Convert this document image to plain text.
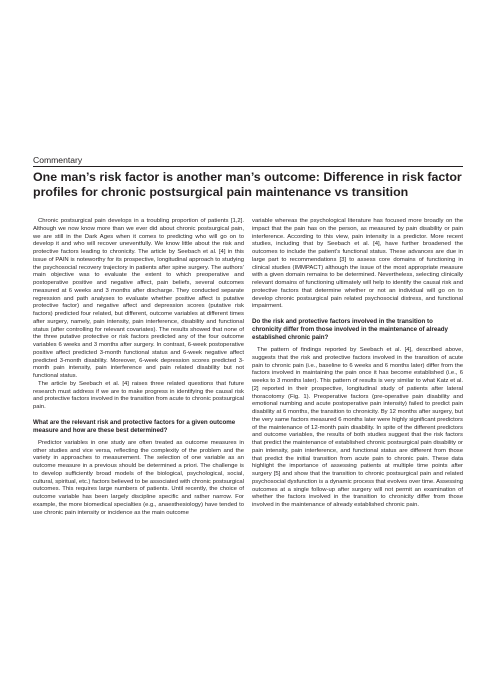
Commentary
One man’s risk factor is another man’s outcome: Difference in risk factor profiles for chronic postsurgical pain maintenance vs transition

Chronic postsurgical pain develops in a troubling proportion of patients [1,2]. Although we now know more than we ever did about chronic postsurgical pain, we are still in the Dark Ages when it comes to predicting who will go on to develop it and who will recover uneventfully. We know little about the risk and protective factors leading to chronicity. The article by Seebach et al. [4] in this issue of PAIN is noteworthy for its prospective, longitudinal approach to studying the psychosocial recovery trajectory in patients after spine surgery. The authors’ main objective was to evaluate the extent to which preoperative and postoperative positive and negative affect, pain beliefs, several outcomes measured at 6 weeks and 3 months after discharge. They conducted separate regression and path analyses to evaluate whether positive affect is putative protective factor) and negative affect and depression scores (putative risk factors) predicted four related, but different, outcome variables at different times after surgery, namely, pain intensity, pain interference, disability and functional status (after controlling for relevant covariates). The results showed that none of the three putative protective or risk factors predicted any of the four outcome variables 6 weeks and 3 months after surgery. In contrast, 6-week postoperative positive affect predicted 3-month functional status and 6-week negative affect predicted 3-month disability. Moreover, 6-week depression scores predicted 3-month pain intensity, pain interference and pain related disability but not functional status.

The article by Seebach et al. [4] raises three related questions that future research must address if we are to make progress in identifying the causal risk and protective factors involved in the transition from acute to chronic postsurgical pain.

What are the relevant risk and protective factors for a given outcome measure and how are these best determined?

Predictor variables in one study are often treated as outcome measures in other studies and vice versa, reflecting the complexity of the problem and the variety in approaches to measurement. The selection of one variable as an outcome measure in a previous should be determined a priori. The challenge is to develop sufficiently broad models of the biological, psychological, social, cultural, spiritual, etc.) factors believed to be associated with chronic postsurgical outcomes. This requires large numbers of patients. Until recently, the choice of outcome variable has been largely discipline specific and rather narrow. For example, the more biomedical specialties (e.g., anaesthesiology) have tended to use chronic pain intensity or incidence as the main outcome

variable whereas the psychological literature has focused more broadly on the impact that the pain has on the person, as measured by pain disability or pain interference. According to this view, pain intensity is a predictor. More recent studies, including that by Seebach et al. [4], have further broadened the outcomes to include the patient’s functional status. These advances are due in large part to recommendations [3] to assess core domains of functioning in clinical studies (IMMPACT) although the issue of the most appropriate measure with a given domain remains to be determined. Nevertheless, selecting clinically relevant domains of functioning ultimately will help to identify the causal risk and protective factors that determine whether or not an individual will go on to develop chronic postsurgical pain related psychosocial distress, and functional impairment.

Do the risk and protective factors involved in the transition to chronicity differ from those involved in the maintenance of already established chronic pain?

The pattern of findings reported by Seebach et al. [4], described above, suggests that the risk and protective factors involved in the transition of acute pain to chronic pain (i.e., baseline to 6 weeks and 6 months later) differ from the factors involved in maintaining the pain once it has become established (i.e., 6 weeks to 3 months later). This pattern of results is very similar to what Katz et al. [2] reported in their prospective, longitudinal study of patients after lateral thoracotomy (Fig. 1). Preoperative factors (pre-operative pain disability and emotional numbing and acute postoperative pain intensity) failed to predict pain disability at 6 months, the transition to chronicity. By 12 months after surgery, but the very same factors measured 6 months later were highly significant predictors of the maintenance of 12-month pain disability. In spite of the different predictors and outcome variables, the results of both studies suggest that the risk factors that predict the maintenance of established chronic postsurgical pain disability or pain intensity, pain interference, and functional status are different from those that predict the initial transition from acute pain to chronic pain. These data highlight the importance of assessing patients at multiple time points after surgery [5] and show that the transition to chronic postsurgical pain and related psychosocial dysfunction is a dynamic process that evolves over time. Assessing outcomes at a single follow-up after surgery will not permit an examination of whether the factors involved in the transition to chronicity differ from those involved in the maintenance of already established chronic pain.
